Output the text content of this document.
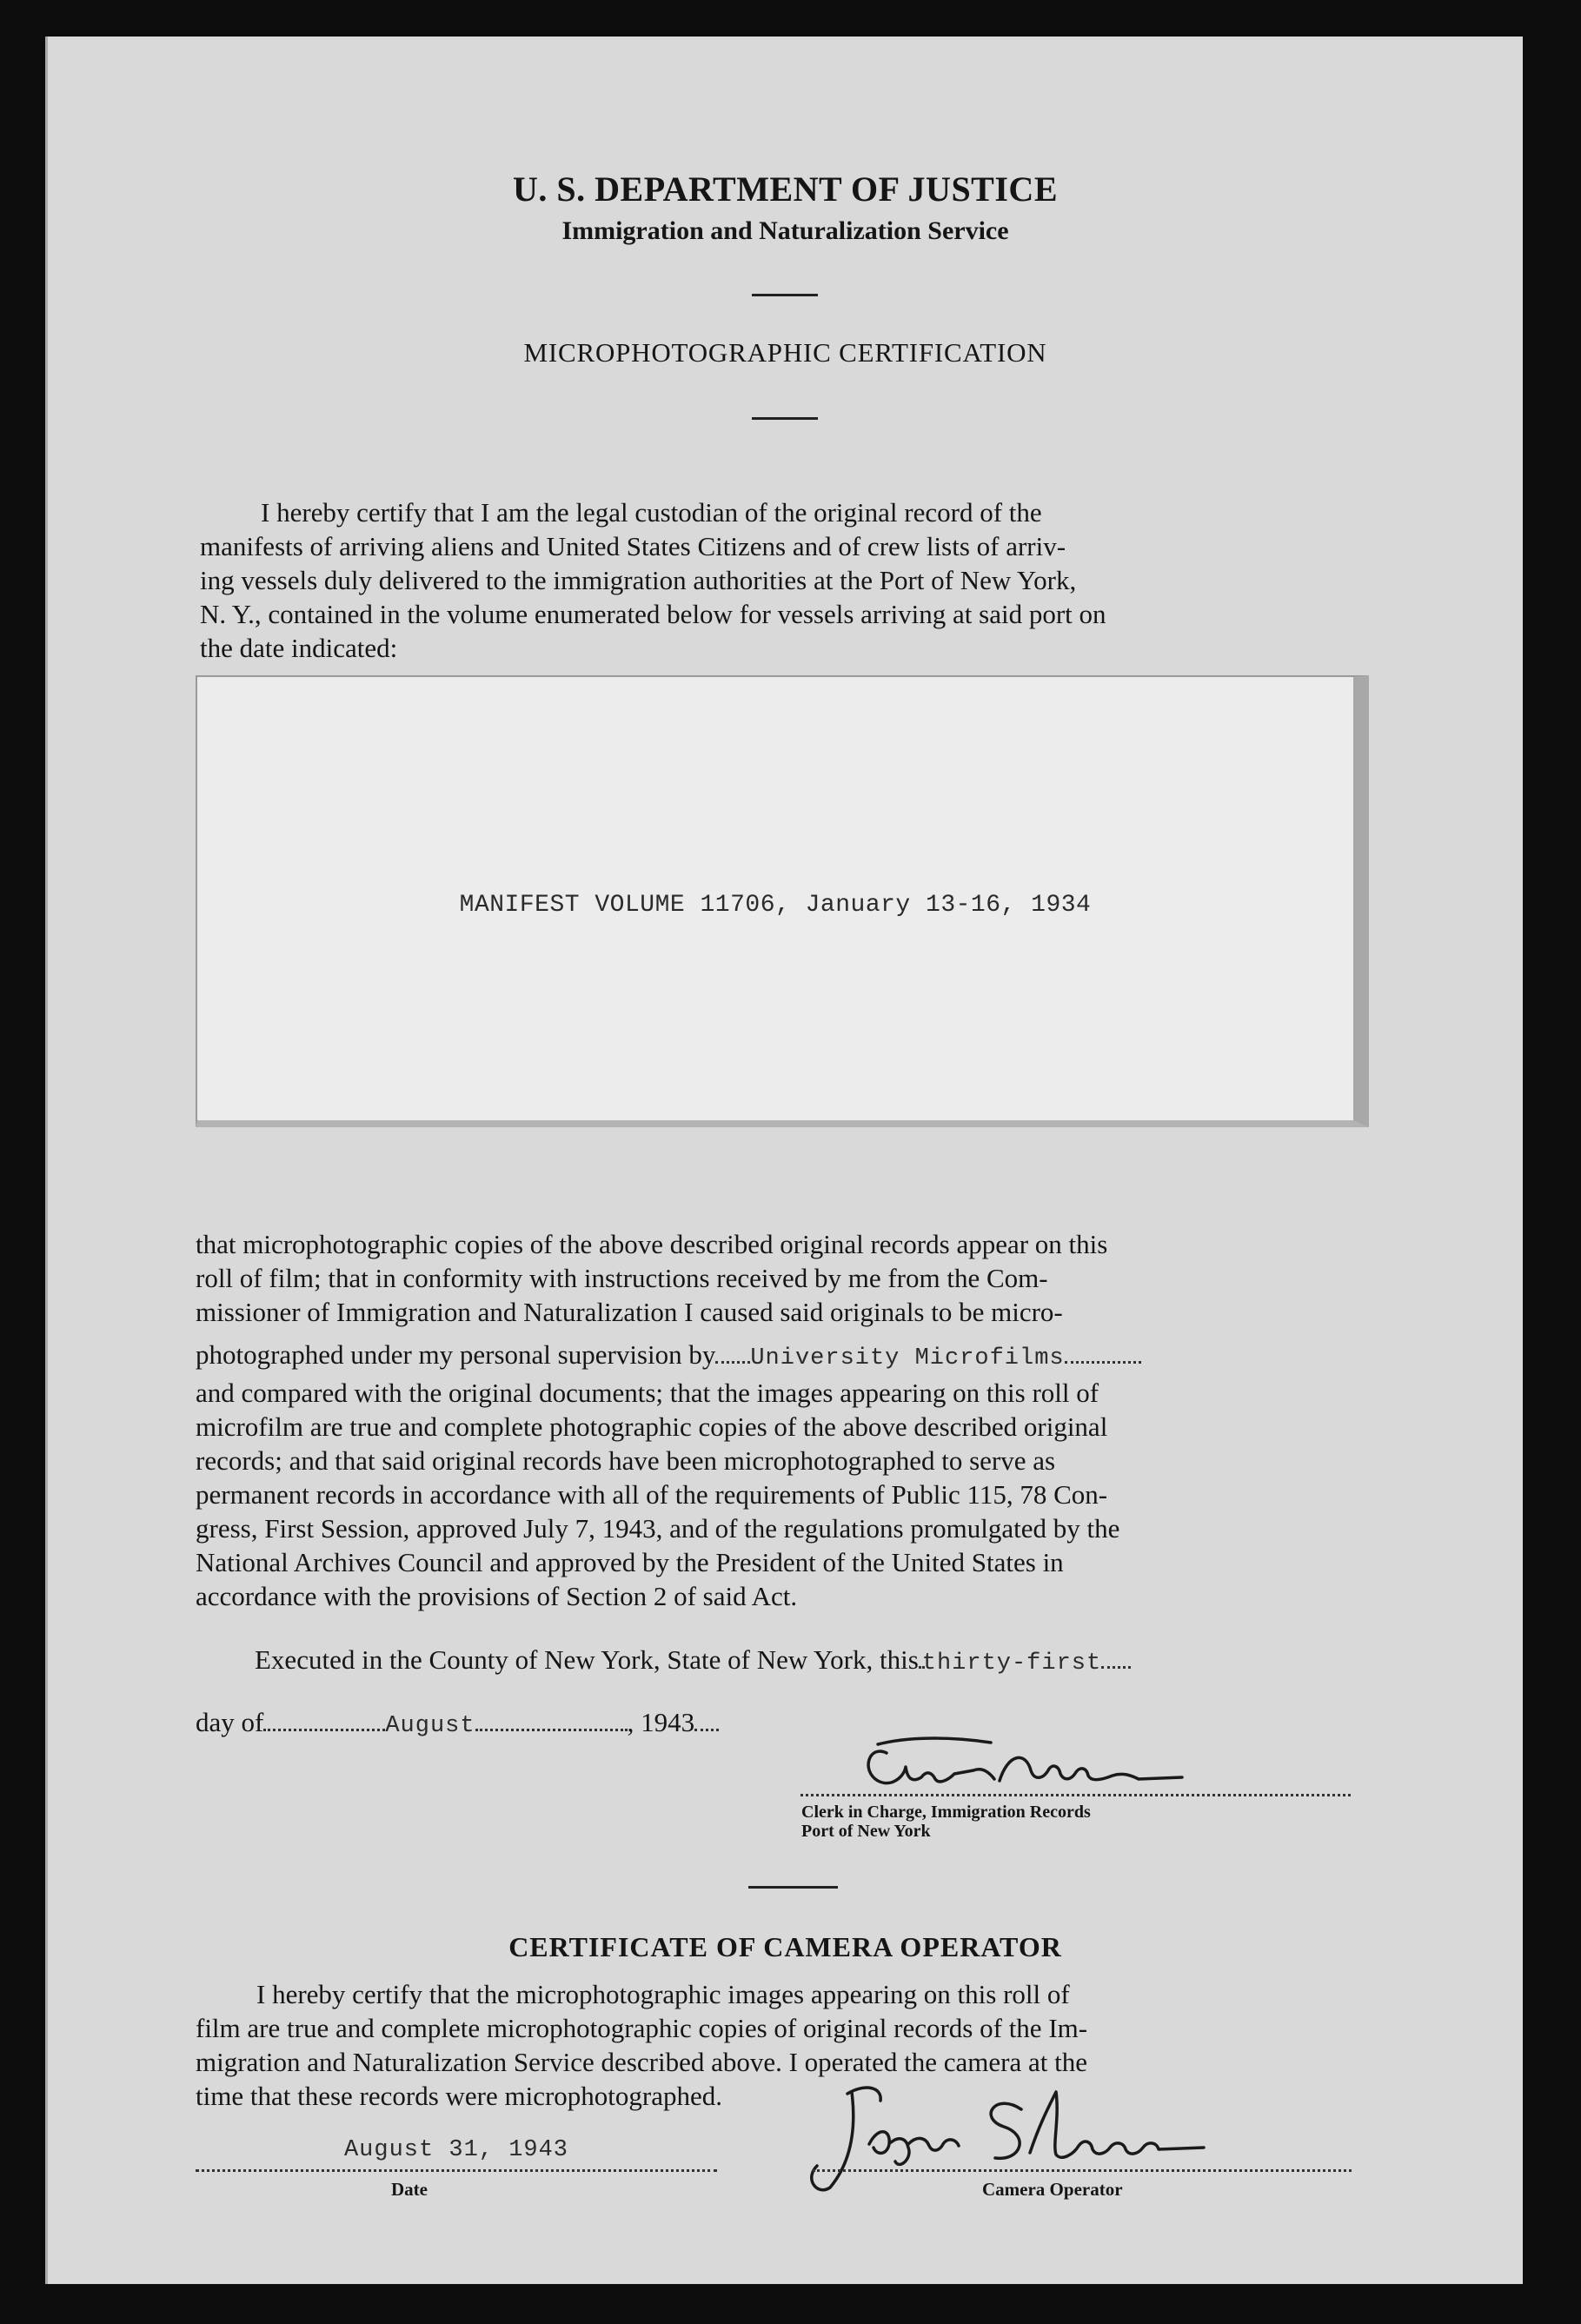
U. S. DEPARTMENT OF JUSTICE
Immigration and Naturalization Service
MICROPHOTOGRAPHIC CERTIFICATION
I hereby certify that I am the legal custodian of the original record of the
manifests of arriving aliens and United States Citizens and of crew lists of arriv-
ing vessels duly delivered to the immigration authorities at the Port of New York,
N. Y., contained in the volume enumerated below for vessels arriving at said port on
the date indicated:
MANIFEST VOLUME 11706, January 13-16, 1934
that microphotographic copies of the above described original records appear on this
roll of film; that in conformity with instructions received by me from the Com-
missioner of Immigration and Naturalization I caused said originals to be micro-
photographed under my personal supervision by University Microfilms
and compared with the original documents; that the images appearing on this roll of
microfilm are true and complete photographic copies of the above described original
records; and that said original records have been microphotographed to serve as
permanent records in accordance with all of the requirements of Public 115, 78 Con-
gress, First Session, approved July 7, 1943, and of the regulations promulgated by the
National Archives Council and approved by the President of the United States in
accordance with the provisions of Section 2 of said Act.
Executed in the County of New York, State of New York, this thirty-first
day of	August	, 1943
Clerk in Charge, Immigration Records
Port of New York
CERTIFICATE OF CAMERA OPERATOR
I hereby certify that the microphotographic images appearing on this roll of
film are true and complete microphotographic copies of original records of the Im-
migration and Naturalization Service described above. I operated the camera at the
time that these records were microphotographed.
August 31, 1943
Date	Camera Operator
